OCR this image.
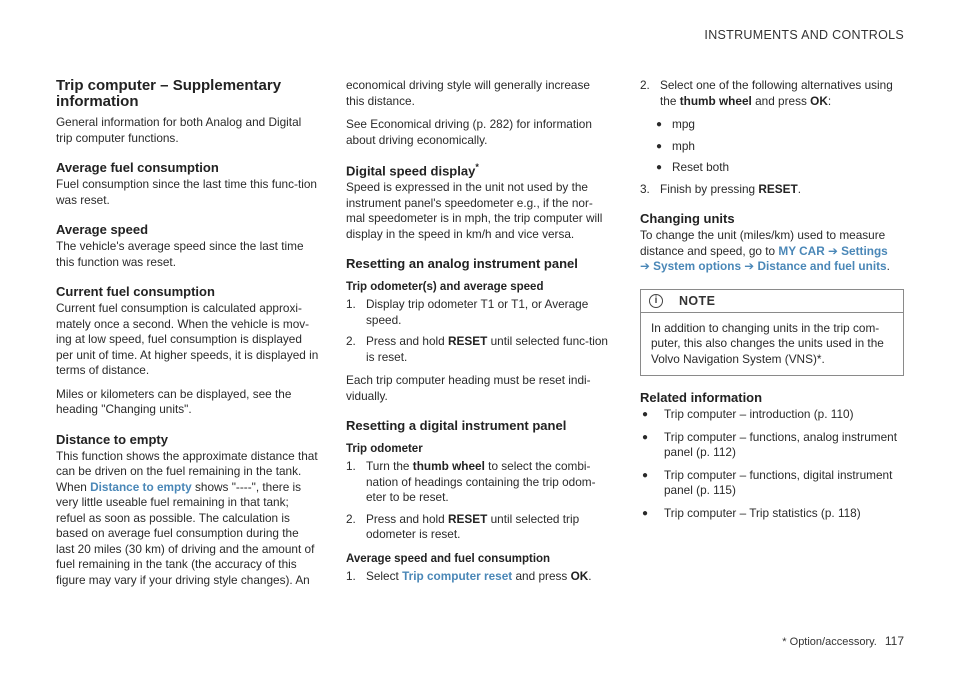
INSTRUMENTS AND CONTROLS
Trip computer – Supplementary information

General information for both Analog and Digital trip computer functions.

Average fuel consumption

Fuel consumption since the last time this func-tion was reset.

Average speed

The vehicle's average speed since the last time this function was reset.

Current fuel consumption

Current fuel consumption is calculated approxi-mately once a second. When the vehicle is mov-ing at low speed, fuel consumption is displayed per unit of time. At higher speeds, it is displayed in terms of distance.

Miles or kilometers can be displayed, see the heading "Changing units".

Distance to empty

This function shows the approximate distance that can be driven on the fuel remaining in the tank. When Distance to empty shows "----", there is very little useable fuel remaining in that tank; refuel as soon as possible. The calculation is based on average fuel consumption during the last 20 miles (30 km) of driving and the amount of fuel remaining in the tank (the accuracy of this figure may vary if your driving style changes). An

economical driving style will generally increase this distance.

See Economical driving (p. 282) for information about driving economically.

Digital speed display*

Speed is expressed in the unit not used by the instrument panel's speedometer e.g., if the nor-mal speedometer is in mph, the trip computer will display in the speed in km/h and vice versa.

Resetting an analog instrument panel
Trip odometer(s) and average speed
1. Display trip odometer T1 or T1, or Average speed.
2. Press and hold RESET until selected func-tion is reset.

Each trip computer heading must be reset indi-vidually.

Resetting a digital instrument panel
Trip odometer
1. Turn the thumb wheel to select the combi-nation of headings containing the trip odom-eter to be reset.
2. Press and hold RESET until selected trip odometer is reset.
Average speed and fuel consumption
1. Select Trip computer reset and press OK.
2. Select one of the following alternatives using the thumb wheel and press OK:
● mpg
● mph
● Reset both
3. Finish by pressing RESET.
Changing units

To change the unit (miles/km) used to measure distance and speed, go to MY CAR ➔ Settings
➔ System options ➔ Distance and fuel units.

i	NOTE
In addition to changing units in the trip com-puter, this also changes the units used in the Volvo Navigation System (VNS)*.
Related information
●	Trip computer – introduction (p. 110)
●	Trip computer – functions, analog instrument panel (p. 112)
●	Trip computer – functions, digital instrument panel (p. 115)
●	Trip computer – Trip statistics (p. 118)
* Option/accessory. 117
